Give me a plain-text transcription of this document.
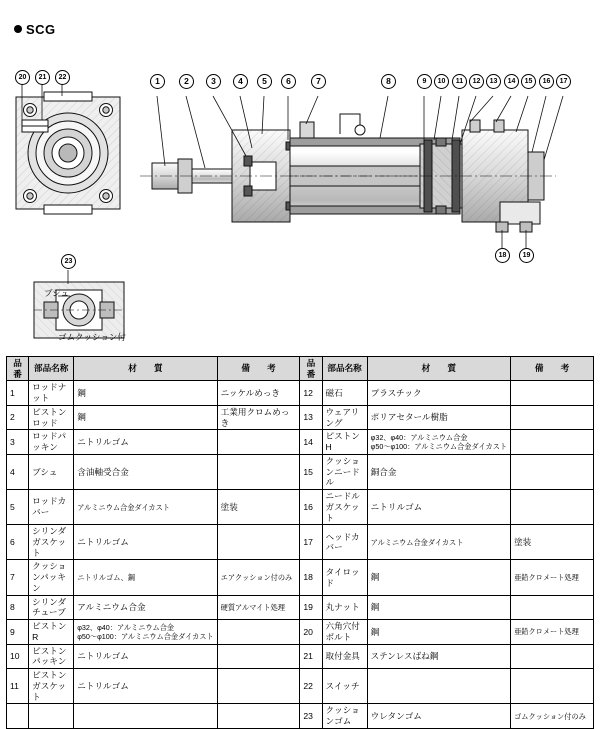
SCG
1	2	3	4	5	6	7	8	9	10	11	12	13	14	15	16	17
20	21	22
18	19
23
ブシュ
ゴムクッション付
品番	部品名称	材　　質	備　　考	品番	部品名称	材　　質	備　　考
1	ロッドナット	鋼	ニッケルめっき	12	磁石	プラスチック	
2	ピストンロッド	鋼	工業用クロムめっき	13	ウェアリング	ポリアセタール樹脂	
3	ロッドパッキン	ニトリルゴム		14	ピストンH	φ32、φ40：アルミニウム合金
φ50～φ100：アルミニウム合金ダイカスト	
4	ブシュ	含油軸受合金		15	クッションニードル	銅合金	
5	ロッドカバー	アルミニウム合金ダイカスト	塗装	16	ニードルガスケット	ニトリルゴム	
6	シリンダガスケット	ニトリルゴム		17	ヘッドカバー	アルミニウム合金ダイカスト	塗装
7	クッションパッキン	ニトリルゴム、鋼	エアクッション付のみ	18	タイロッド	鋼	亜鉛クロメート処理
8	シリンダチューブ	アルミニウム合金	硬質アルマイト処理	19	丸ナット	鋼	
9	ピストンR	φ32、φ40：アルミニウム合金
φ50～φ100：アルミニウム合金ダイカスト		20	六角穴付ボルト	鋼	亜鉛クロメート処理
10	ピストンパッキン	ニトリルゴム		21	取付金具	ステンレスばね鋼	
11	ピストンガスケット	ニトリルゴム		22	スイッチ		
				23	クッションゴム	ウレタンゴム	ゴムクッション付のみ
